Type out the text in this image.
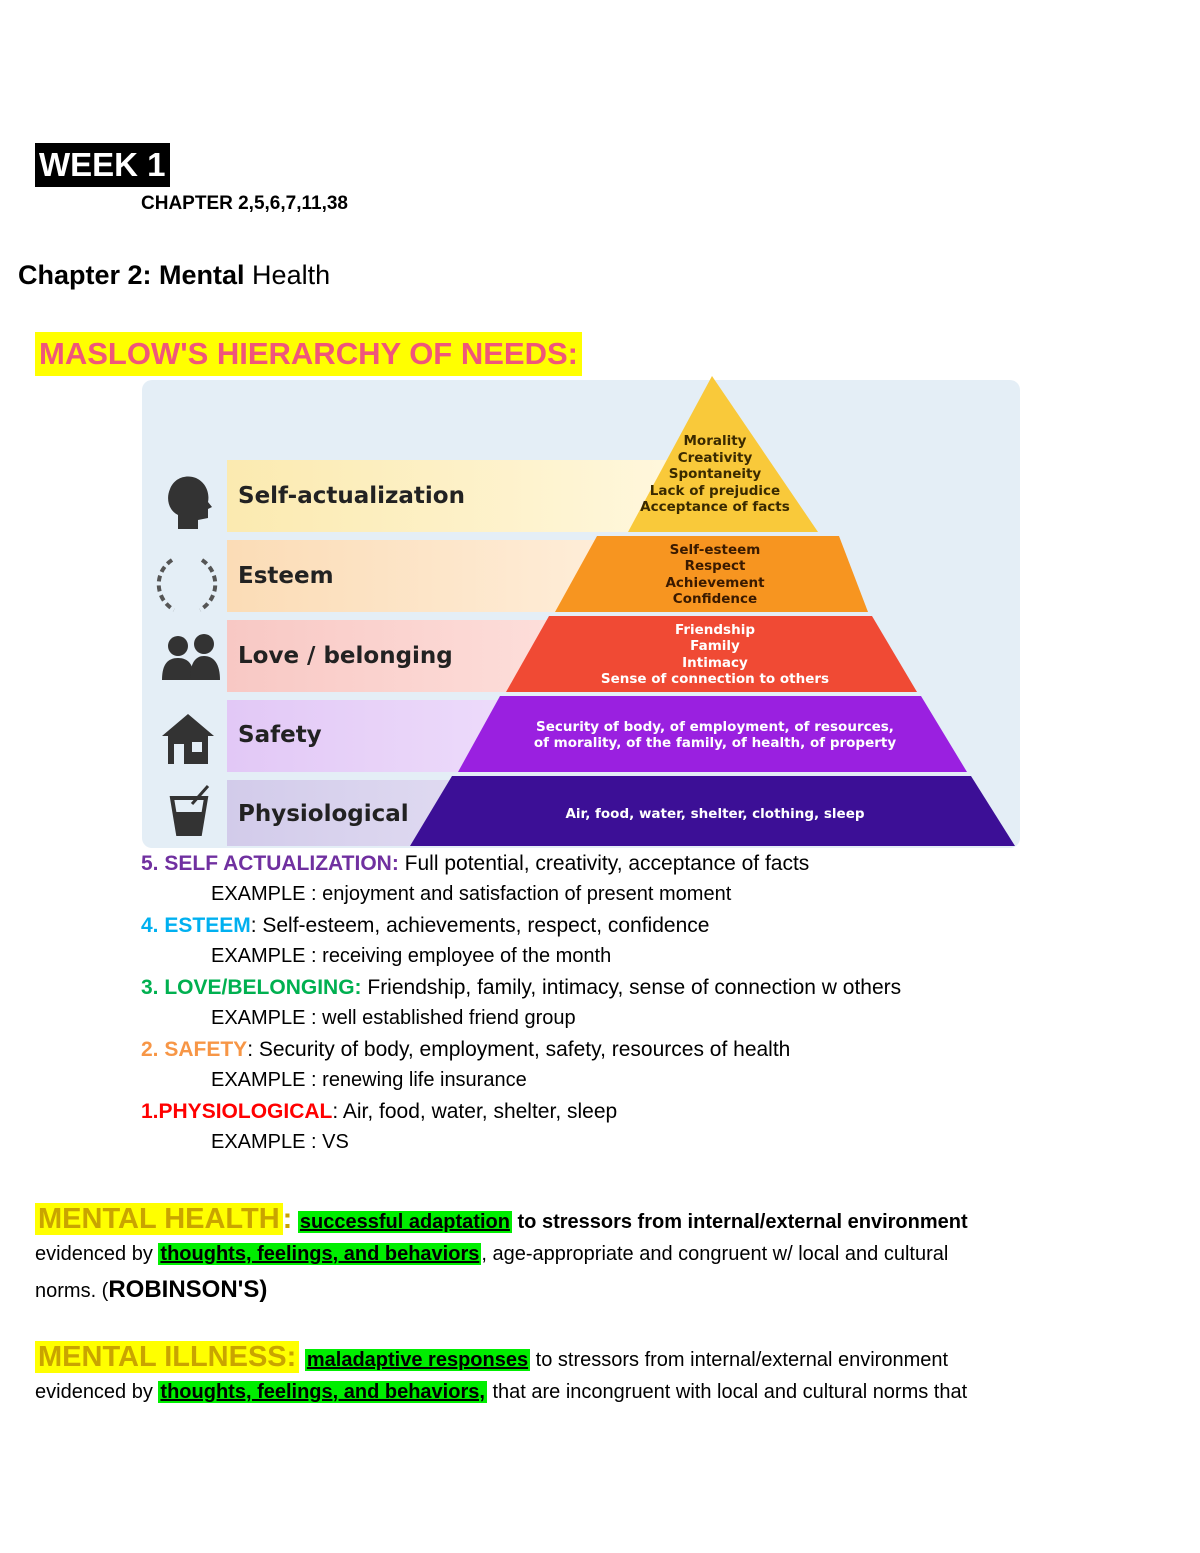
WEEK 1
CHAPTER 2,5,6,7,11,38
Chapter 2: Mental Health
MASLOW'S HIERARCHY OF NEEDS:
Self-actualization
Esteem
Love / belonging
Safety
Physiological
Morality
Creativity
Spontaneity
Lack of prejudice
Acceptance of facts
Self-esteem
Respect
Achievement
Confidence
Friendship
Family
Intimacy
Sense of connection to others
Security of body, of employment, of resources,
of morality, of the family, of health, of property
Air, food, water, shelter, clothing, sleep
5. SELF ACTUALIZATION: Full potential, creativity, acceptance of facts
EXAMPLE : enjoyment and satisfaction of present moment
4. ESTEEM: Self-esteem, achievements, respect, confidence
EXAMPLE : receiving employee of the month
3. LOVE/BELONGING: Friendship, family, intimacy, sense of connection w others
EXAMPLE : well established friend group
2. SAFETY: Security of body, employment, safety, resources of health
EXAMPLE : renewing life insurance
1.PHYSIOLOGICAL: Air, food, water, shelter, sleep
EXAMPLE : VS
MENTAL HEALTH : successful adaptation to stressors from internal/external environment
evidenced by thoughts, feelings, and behaviors , age-appropriate and congruent w/ local and cultural
norms. (ROBINSON'S)
MENTAL ILLNESS: maladaptive responses to stressors from internal/external environment
evidenced by thoughts, feelings, and behaviors, that are incongruent with local and cultural norms that
